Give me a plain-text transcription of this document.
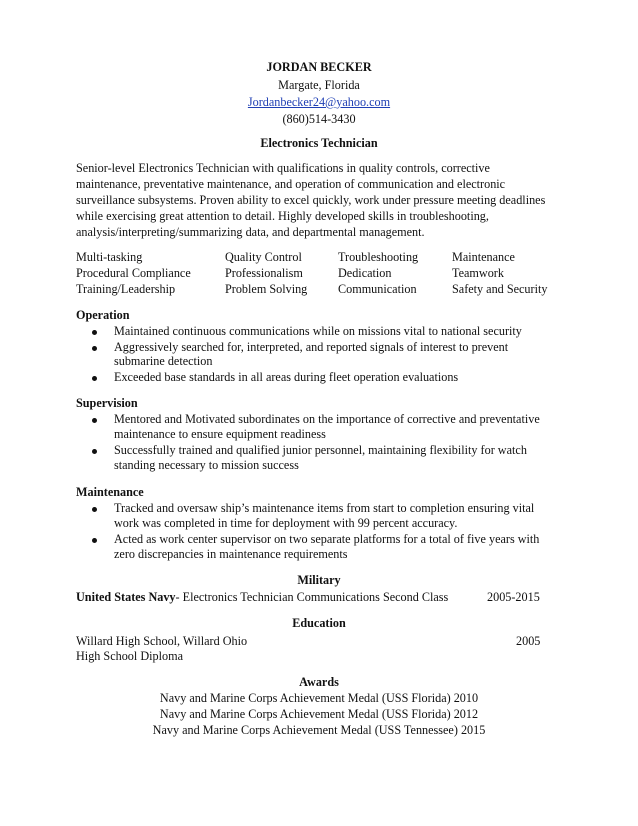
JORDAN BECKER
Margate, Florida
Jordanbecker24@yahoo.com
(860)514-3430
Electronics Technician
Senior-level Electronics Technician with qualifications in quality controls, corrective
maintenance, preventative maintenance, and operation of communication and electronic
surveillance subsystems. Proven ability to excel quickly, work under pressure meeting deadlines
while exercising great attention to detail. Highly developed skills in troubleshooting,
analysis/interpreting/summarizing data, and departmental management.
Multi-tasking	Quality Control	Troubleshooting	Maintenance
Procedural Compliance	Professionalism	Dedication	Teamwork
Training/Leadership	Problem Solving	Communication	Safety and Security
Operation
Maintained continuous communications while on missions vital to national security
Aggressively searched for, interpreted, and reported signals of interest to prevent
submarine detection
Exceeded base standards in all areas during fleet operation evaluations
Supervision
Mentored and Motivated subordinates on the importance of corrective and preventative
maintenance to ensure equipment readiness
Successfully trained and qualified junior personnel, maintaining flexibility for watch
standing necessary to mission success
Maintenance
Tracked and oversaw ship’s maintenance items from start to completion ensuring vital
work was completed in time for deployment with 99 percent accuracy.
Acted as work center supervisor on two separate platforms for a total of five years with
zero discrepancies in maintenance requirements
Military
United States Navy- Electronics Technician Communications Second Class	2005-2015
Education
Willard High School, Willard Ohio	2005
High School Diploma
Awards
Navy and Marine Corps Achievement Medal (USS Florida) 2010
Navy and Marine Corps Achievement Medal (USS Florida) 2012
Navy and Marine Corps Achievement Medal (USS Tennessee) 2015
